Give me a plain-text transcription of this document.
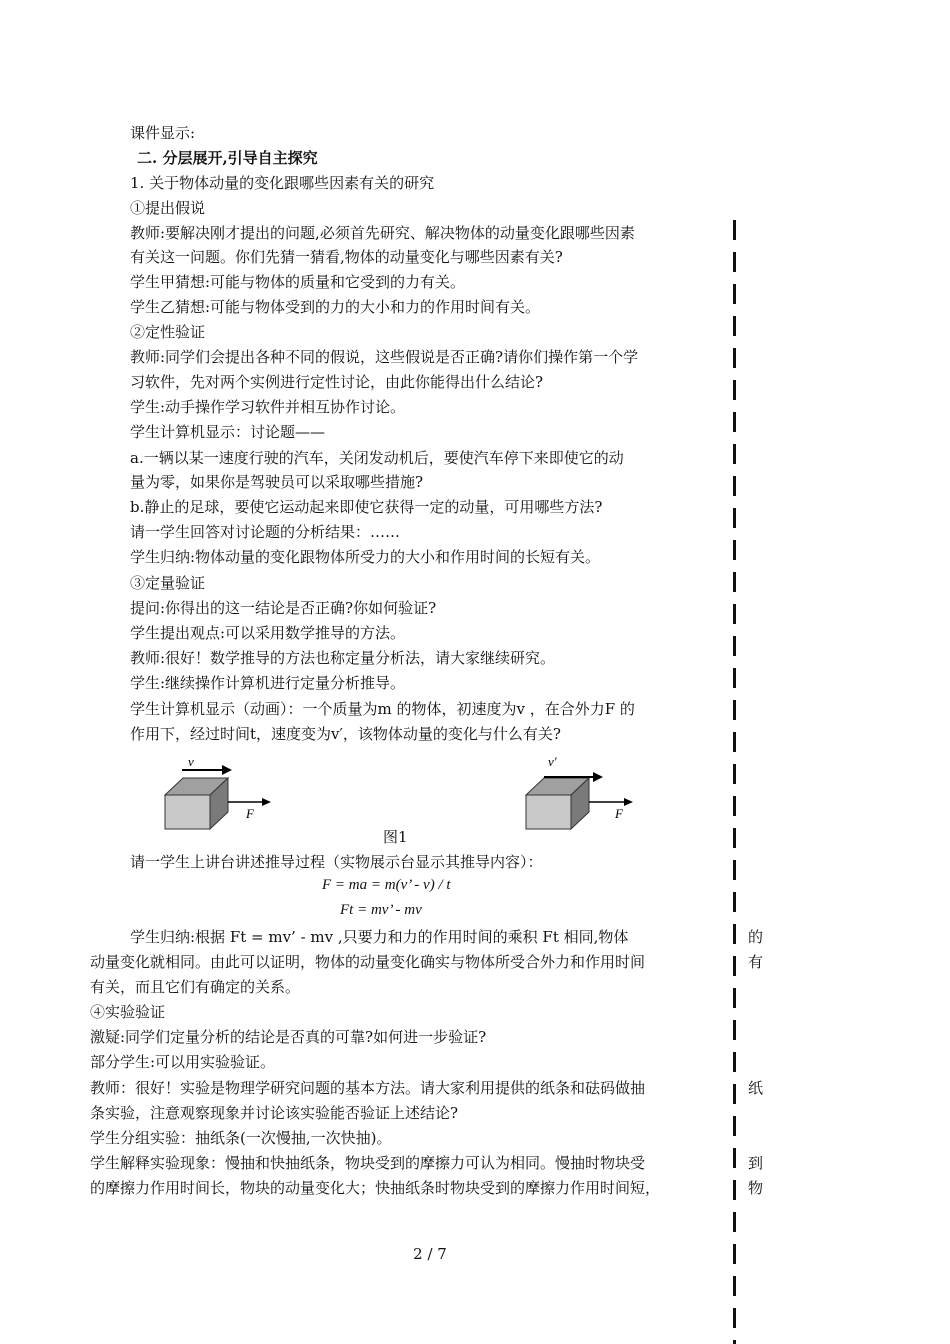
课件显示:
二. 分层展开,引导自主探究
1. 关于物体动量的变化跟哪些因素有关的研究
①提出假说
教师:要解决刚才提出的问题,必须首先研究、解决物体的动量变化跟哪些因素
有关这一问题。你们先猜一猜看,物体的动量变化与哪些因素有关?
学生甲猜想:可能与物体的质量和它受到的力有关。
学生乙猜想:可能与物体受到的力的大小和力的作用时间有关。
②定性验证
教师:同学们会提出各种不同的假说，这些假说是否正确?请你们操作第一个学
习软件，先对两个实例进行定性讨论，由此你能得出什么结论?
学生:动手操作学习软件并相互协作讨论。
学生计算机显示：讨论题——
a.一辆以某一速度行驶的汽车，关闭发动机后，要使汽车停下来即使它的动
量为零，如果你是驾驶员可以采取哪些措施?
b.静止的足球，要使它运动起来即使它获得一定的动量，可用哪些方法?
请一学生回答对讨论题的分析结果：……
学生归纳:物体动量的变化跟物体所受力的大小和作用时间的长短有关。
③定量验证
提问:你得出的这一结论是否正确?你如何验证?
学生提出观点:可以采用数学推导的方法。
教师:很好！数学推导的方法也称定量分析法，请大家继续研究。
学生:继续操作计算机进行定量分析推导。
学生计算机显示（动画）：一个质量为m 的物体，初速度为v ，在合外力F 的
作用下，经过时间t，速度变为v′，该物体动量的变化与什么有关?
v
F
v'
F
图1
请一学生上讲台讲述推导过程（实物展示台显示其推导内容）：
F = ma = m(v’ - v) / t
Ft = mv’ - mv
学生归纳:根据 Ft = mv’ - mv ,只要力和力的作用时间的乘积 Ft 相同,物体
动量变化就相同。由此可以证明，物体的动量变化确实与物体所受合外力和作用时间
有关，而且它们有确定的关系。
④实验验证
激疑:同学们定量分析的结论是否真的可靠?如何进一步验证?
部分学生:可以用实验验证。
教师：很好！实验是物理学研究问题的基本方法。请大家利用提供的纸条和砝码做抽
条实验，注意观察现象并讨论该实验能否验证上述结论?
学生分组实验：抽纸条(一次慢抽,一次快抽)。
学生解释实验现象：慢抽和快抽纸条，物块受到的摩擦力可认为相同。慢抽时物块受
的摩擦力作用时间长，物块的动量变化大；快抽纸条时物块受到的摩擦力作用时间短，
的
有
纸
到
物
2 / 7
